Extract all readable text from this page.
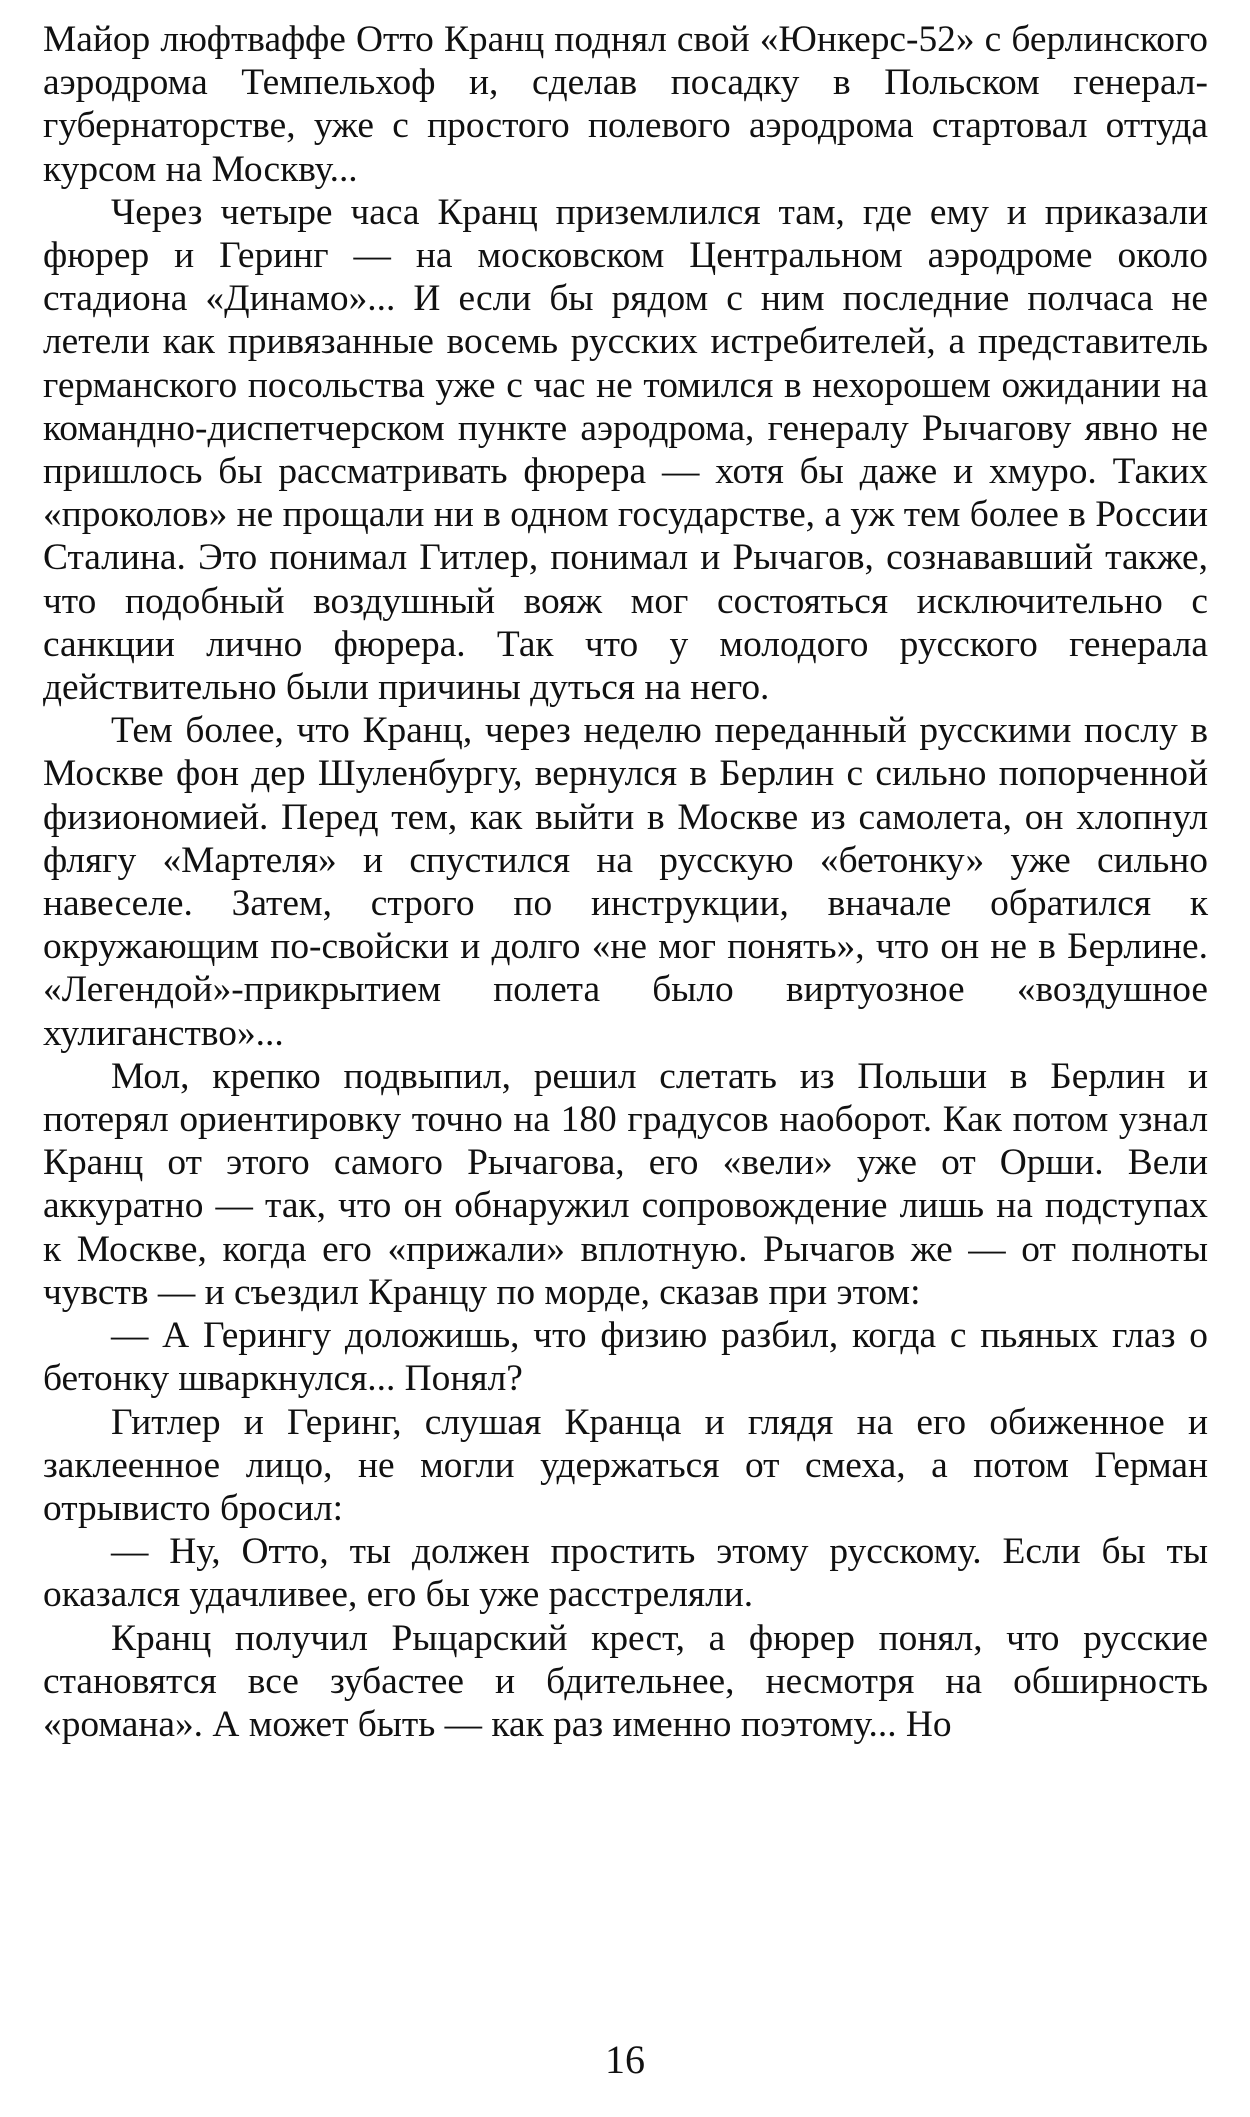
Майор люфтваффе Отто Кранц поднял свой «Юнкерс-52» с берлинского аэродрома Темпельхоф и, сделав посадку в Польском генерал-губернаторстве, уже с простого полевого аэродрома стартовал оттуда курсом на Москву...

Через четыре часа Кранц приземлился там, где ему и приказали фюрер и Геринг — на московском Центральном аэродроме около стадиона «Динамо»... И если бы рядом с ним последние полчаса не летели как привязанные восемь русских истребителей, а представитель германского посольства уже с час не томился в нехорошем ожидании на командно-диспетчерском пункте аэродрома, генералу Рычагову явно не пришлось бы рассматривать фюрера — хотя бы даже и хмуро. Таких «проколов» не прощали ни в одном государстве, а уж тем более в России Сталина. Это понимал Гитлер, понимал и Рычагов, сознававший также, что подобный воздушный вояж мог состояться исключительно с санкции лично фюрера. Так что у молодого русского генерала действительно были причины дуться на него.

Тем более, что Кранц, через неделю переданный русскими послу в Москве фон дер Шуленбургу, вернулся в Берлин с сильно попорченной физиономией. Перед тем, как выйти в Москве из самолета, он хлопнул флягу «Мартеля» и спустился на русскую «бетонку» уже сильно навеселе. Затем, строго по инструкции, вначале обратился к окружающим по-свойски и долго «не мог понять», что он не в Берлине. «Легендой»-прикрытием полета было виртуозное «воздушное хулиганство»...

Мол, крепко подвыпил, решил слетать из Польши в Берлин и потерял ориентировку точно на 180 градусов наоборот. Как потом узнал Кранц от этого самого Рычагова, его «вели» уже от Орши. Вели аккуратно — так, что он обнаружил сопровождение лишь на подступах к Москве, когда его «прижали» вплотную. Рычагов же — от полноты чувств — и съездил Кранцу по морде, сказав при этом:

— А Герингу доложишь, что физию разбил, когда с пьяных глаз о бетонку шваркнулся... Понял?

Гитлер и Геринг, слушая Кранца и глядя на его обиженное и заклеенное лицо, не могли удержаться от смеха, а потом Герман отрывисто бросил:

— Ну, Отто, ты должен простить этому русскому. Если бы ты оказался удачливее, его бы уже расстреляли.

Кранц получил Рыцарский крест, а фюрер понял, что русские становятся все зубастее и бдительнее, несмотря на обширность «романа». А может быть — как раз именно поэтому... Но

16
